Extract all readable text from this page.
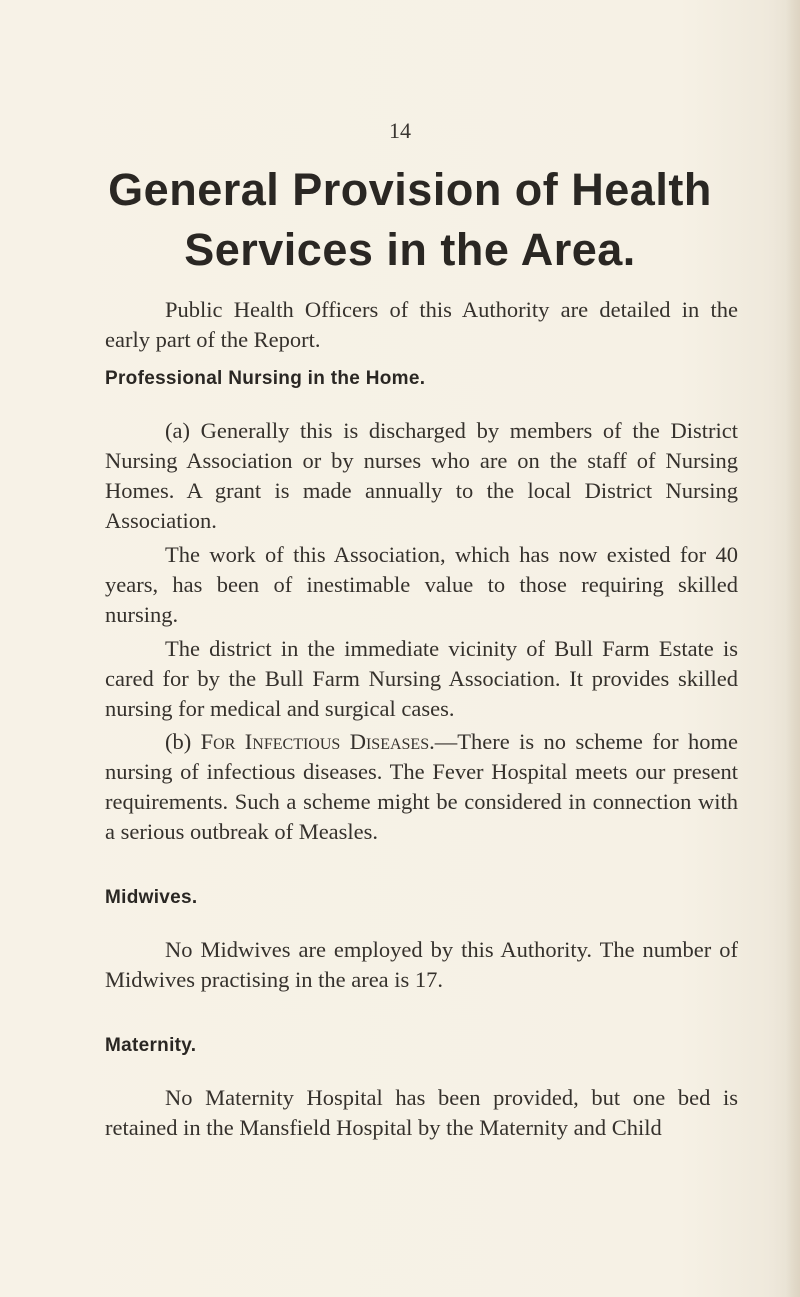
14
General Provision of Health
Services in the Area.

Public Health Officers of this Authority are detailed in the early part of the Report.

Professional Nursing in the Home.

(a) Generally this is discharged by members of the District Nursing Association or by nurses who are on the staff of Nursing Homes. A grant is made annually to the local District Nursing Association.

The work of this Association, which has now existed for 40 years, has been of inestimable value to those requiring skilled nursing.

The district in the immediate vicinity of Bull Farm Estate is cared for by the Bull Farm Nursing Association. It provides skilled nursing for medical and surgical cases.

(b) For Infectious Diseases.—There is no scheme for home nursing of infectious diseases. The Fever Hospital meets our present requirements. Such a scheme might be considered in connection with a serious outbreak of Measles.

Midwives.

No Midwives are employed by this Authority. The number of Midwives practising in the area is 17.

Maternity.

No Maternity Hospital has been provided, but one bed is retained in the Mansfield Hospital by the Maternity and Child
